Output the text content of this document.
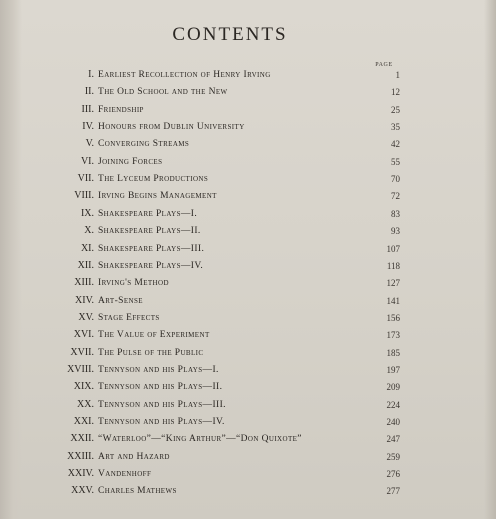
CONTENTS
PAGE
I. Earliest Recollection of Henry Irving	1
II. The Old School and the New	12
III. Friendship	25
IV. Honours from Dublin University	35
V. Converging Streams	42
VI. Joining Forces	55
VII. The Lyceum Productions	70
VIII. Irving Begins Management	72
IX. Shakespeare Plays—I.	83
X. Shakespeare Plays—II.	93
XI. Shakespeare Plays—III.	107
XII. Shakespeare Plays—IV.	118
XIII. Irving's Method	127
XIV. Art-Sense	141
XV. Stage Effects	156
XVI. The Value of Experiment	173
XVII. The Pulse of the Public	185
XVIII. Tennyson and his Plays—I.	197
XIX. Tennyson and his Plays—II.	209
XX. Tennyson and his Plays—III.	224
XXI. Tennyson and his Plays—IV.	240
XXII. “Waterloo”—“King Arthur”—“Don Quixote”	247
XXIII. Art and Hazard	259
XXIV. Vandenhoff	276
XXV. Charles Mathews	277
